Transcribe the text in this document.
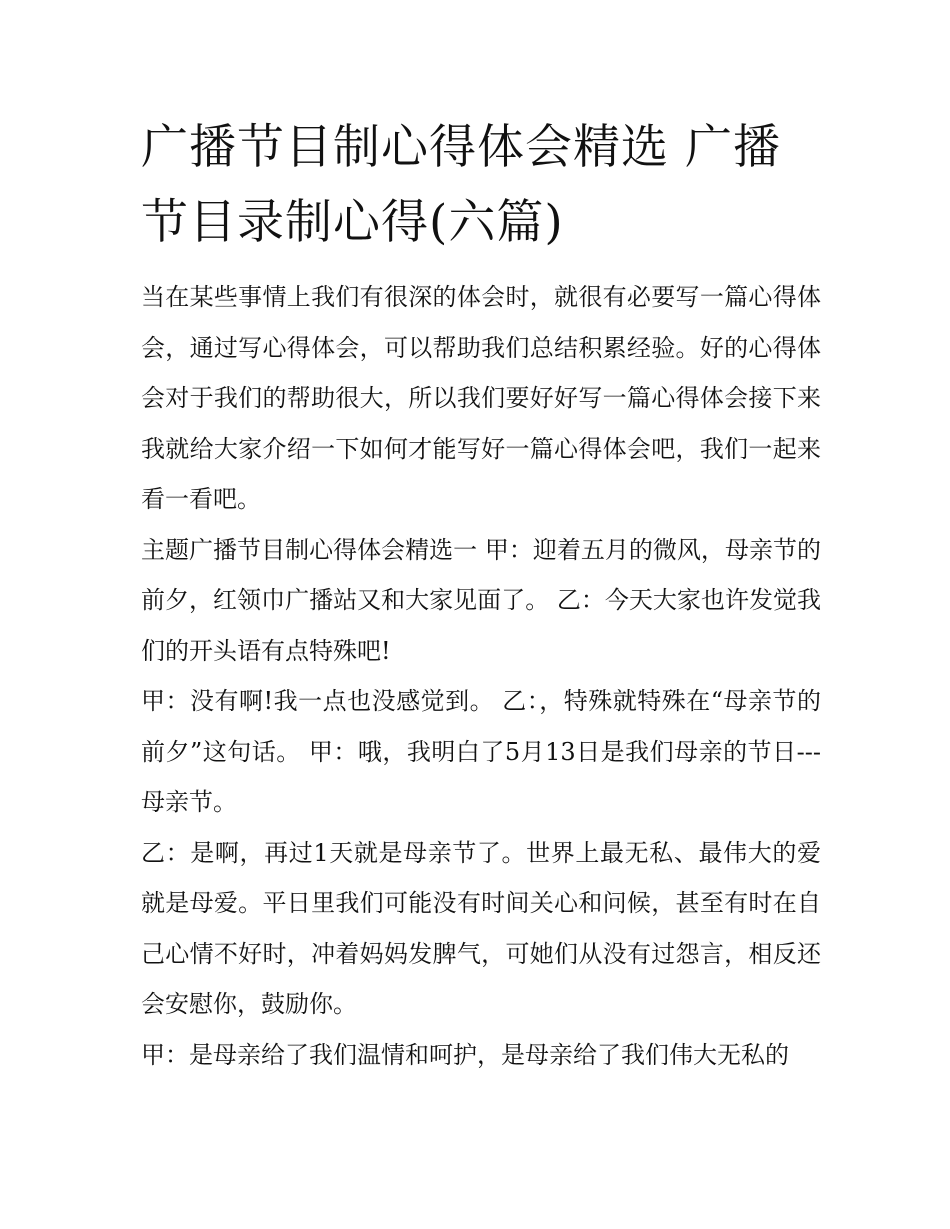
广播节目制心得体会精选 广播节目录制心得(六篇)

当在某些事情上我们有很深的体会时，就很有必要写一篇心得体会，通过写心得体会，可以帮助我们总结积累经验。好的心得体会对于我们的帮助很大，所以我们要好好写一篇心得体会接下来我就给大家介绍一下如何才能写好一篇心得体会吧，我们一起来看一看吧。

主题广播节目制心得体会精选一 甲：迎着五月的微风，母亲节的前夕，红领巾广播站又和大家见面了。 乙：今天大家也许发觉我们的开头语有点特殊吧!

甲：没有啊!我一点也没感觉到。 乙：，特殊就特殊在“母亲节的前夕”这句话。 甲：哦，我明白了5月13日是我们母亲的节日---母亲节。

乙：是啊，再过1天就是母亲节了。世界上最无私、最伟大的爱就是母爱。平日里我们可能没有时间关心和问候，甚至有时在自己心情不好时，冲着妈妈发脾气，可她们从没有过怨言，相反还会安慰你，鼓励你。

甲：是母亲给了我们温情和呵护，是母亲给了我们伟大无私的
